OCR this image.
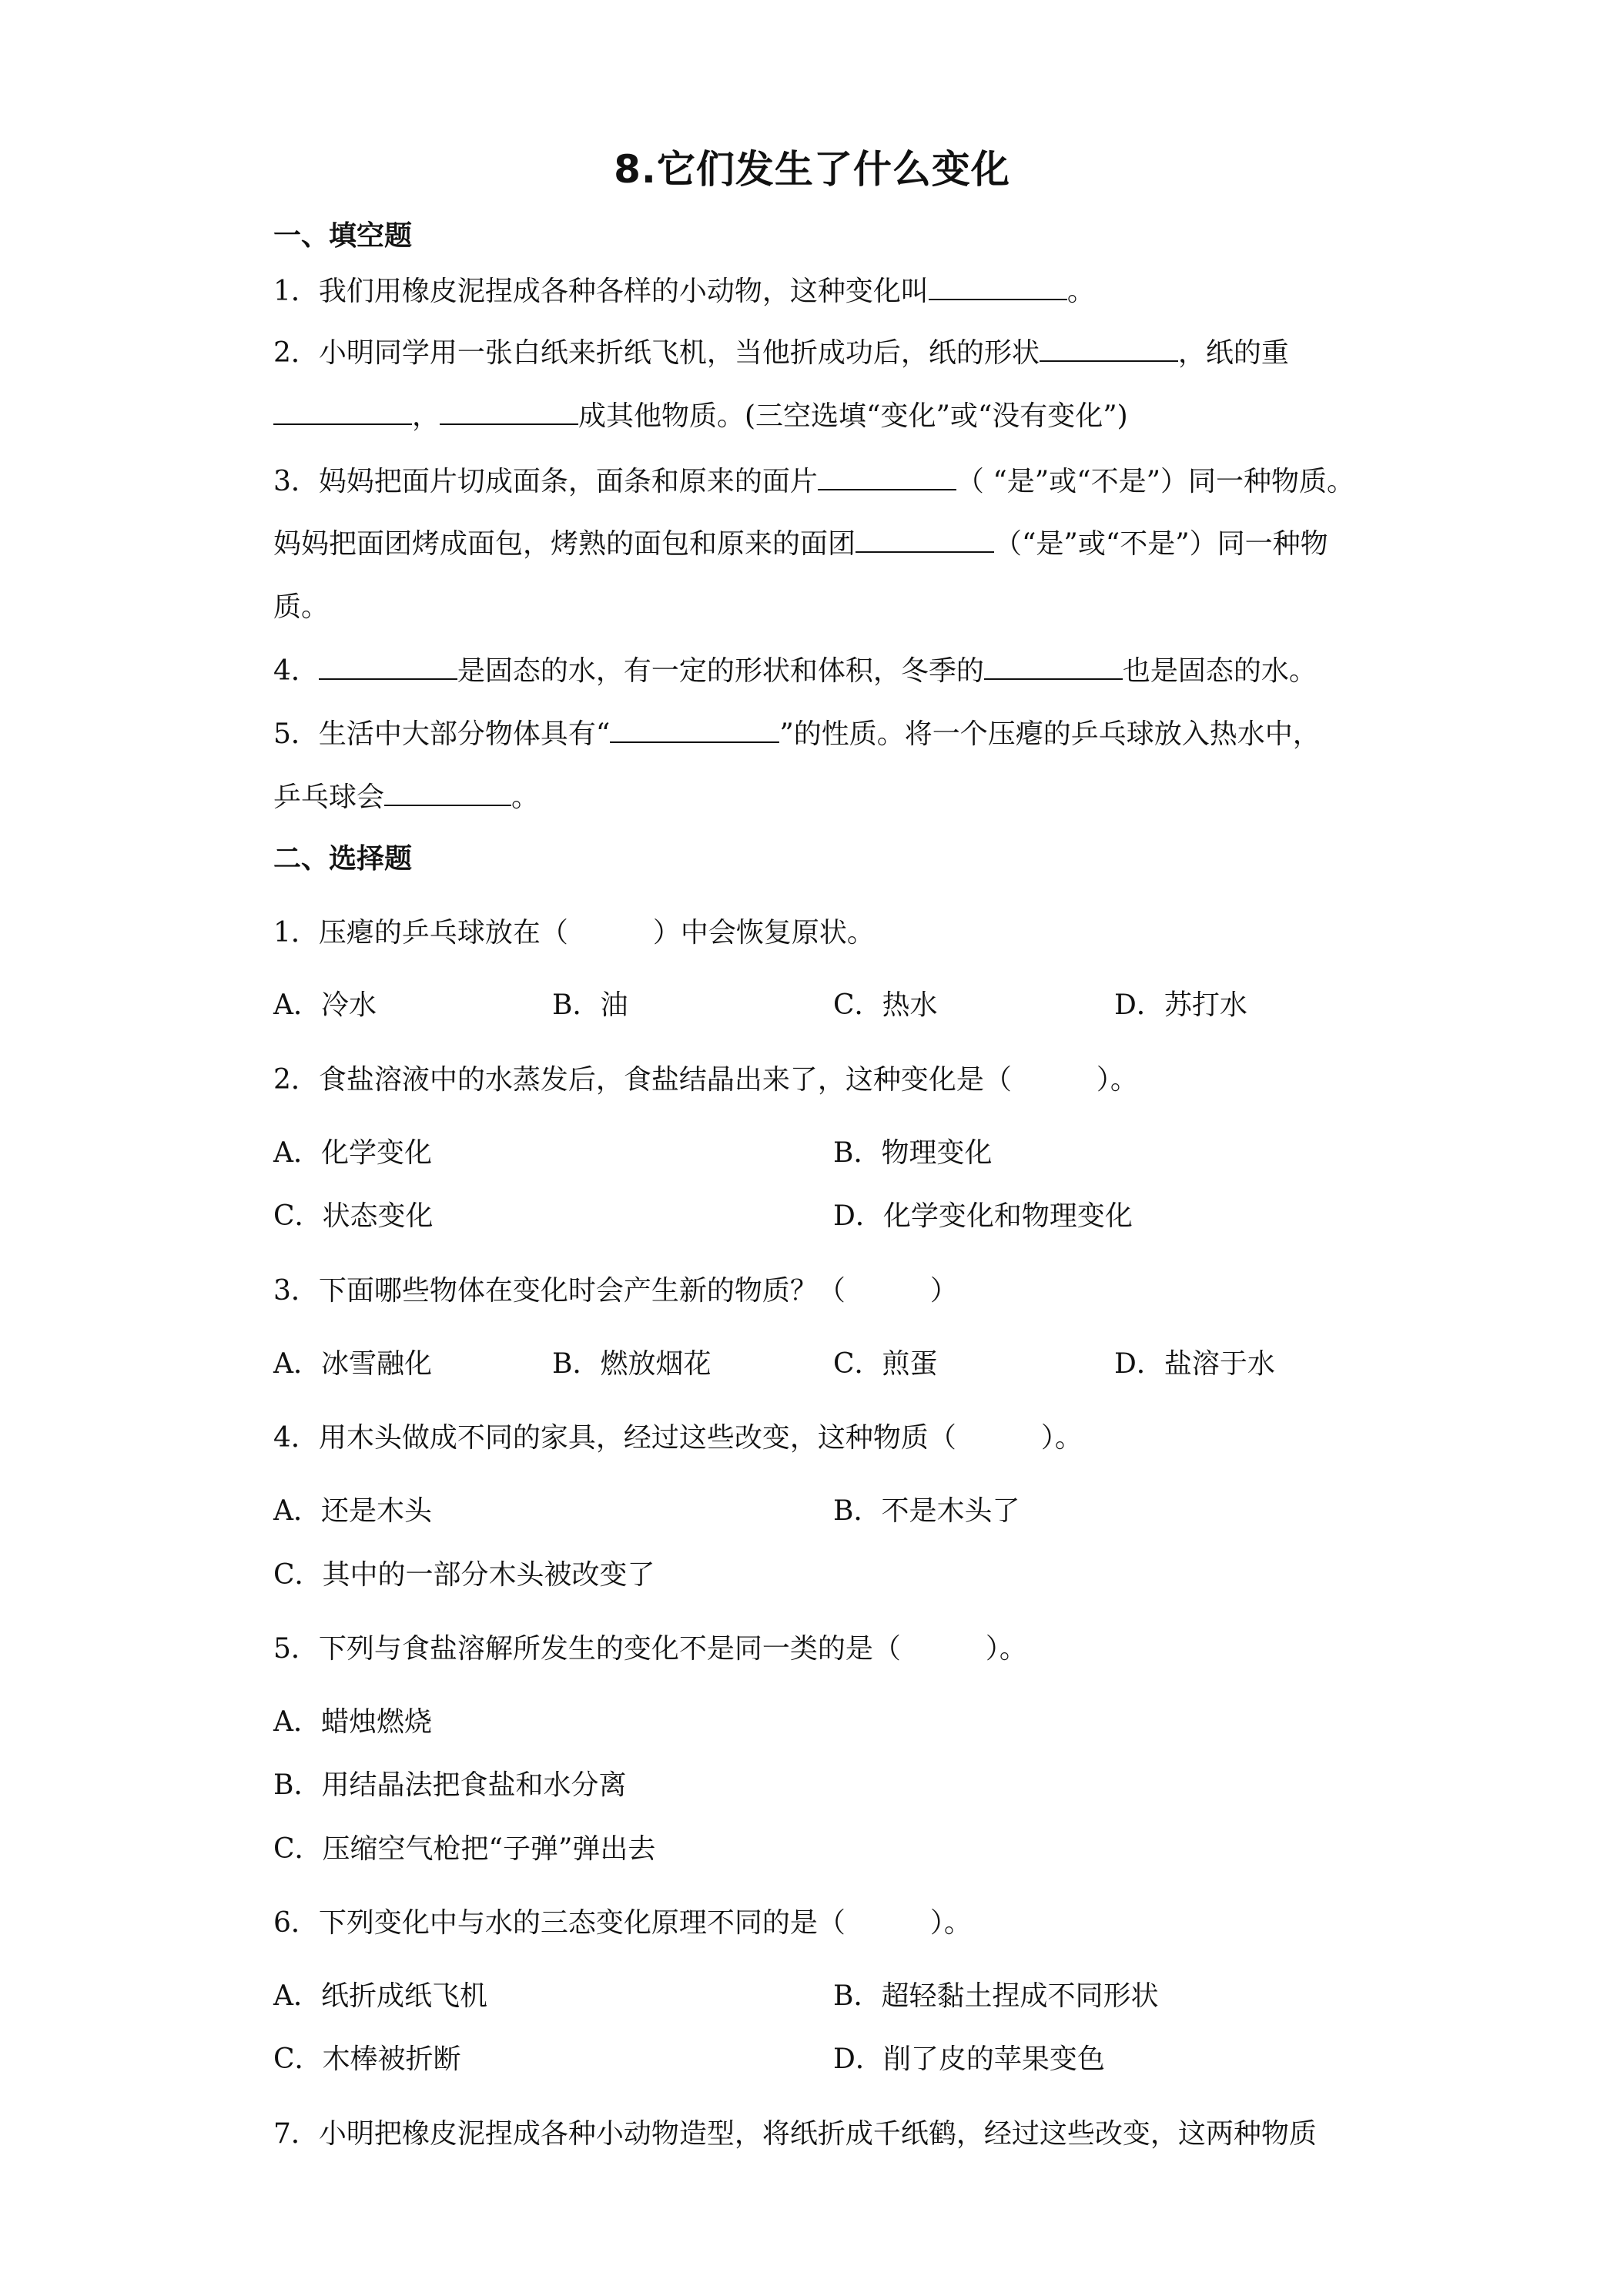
8.它们发生了什么变化
一、填空题
1．我们用橡皮泥捏成各种各样的小动物，这种变化叫	。
2．小明同学用一张白纸来折纸飞机，当他折成功后，纸的形状	，纸的重
，	成其他物质。(三空选填“变化”或“没有变化”)
3．妈妈把面片切成面条，面条和原来的面片	（ “是”或“不是”）同一种物质。
妈妈把面团烤成面包，烤熟的面包和原来的面团	（“是”或“不是”）同一种物
质。
4．	是固态的水，有一定的形状和体积，冬季的	也是固态的水。
5．生活中大部分物体具有“	”的性质。将一个压瘪的乒乓球放入热水中，
乒乓球会	。
二、选择题
1．压瘪的乒乓球放在（	）中会恢复原状。
A．冷水	B．油	C．热水	D．苏打水
2．食盐溶液中的水蒸发后，食盐结晶出来了，这种变化是（	）。
A．化学变化	B．物理变化
C．状态变化	D．化学变化和物理变化
3．下面哪些物体在变化时会产生新的物质？（	）
A．冰雪融化	B．燃放烟花	C．煎蛋	D．盐溶于水
4．用木头做成不同的家具，经过这些改变，这种物质（	）。
A．还是木头	B．不是木头了
C．其中的一部分木头被改变了
5．下列与食盐溶解所发生的变化不是同一类的是（	）。
A．蜡烛燃烧
B．用结晶法把食盐和水分离
C．压缩空气枪把“子弹”弹出去
6．下列变化中与水的三态变化原理不同的是（	）。
A．纸折成纸飞机	B．超轻黏土捏成不同形状
C．木棒被折断	D．削了皮的苹果变色
7．小明把橡皮泥捏成各种小动物造型，将纸折成千纸鹤，经过这些改变，这两种物质
